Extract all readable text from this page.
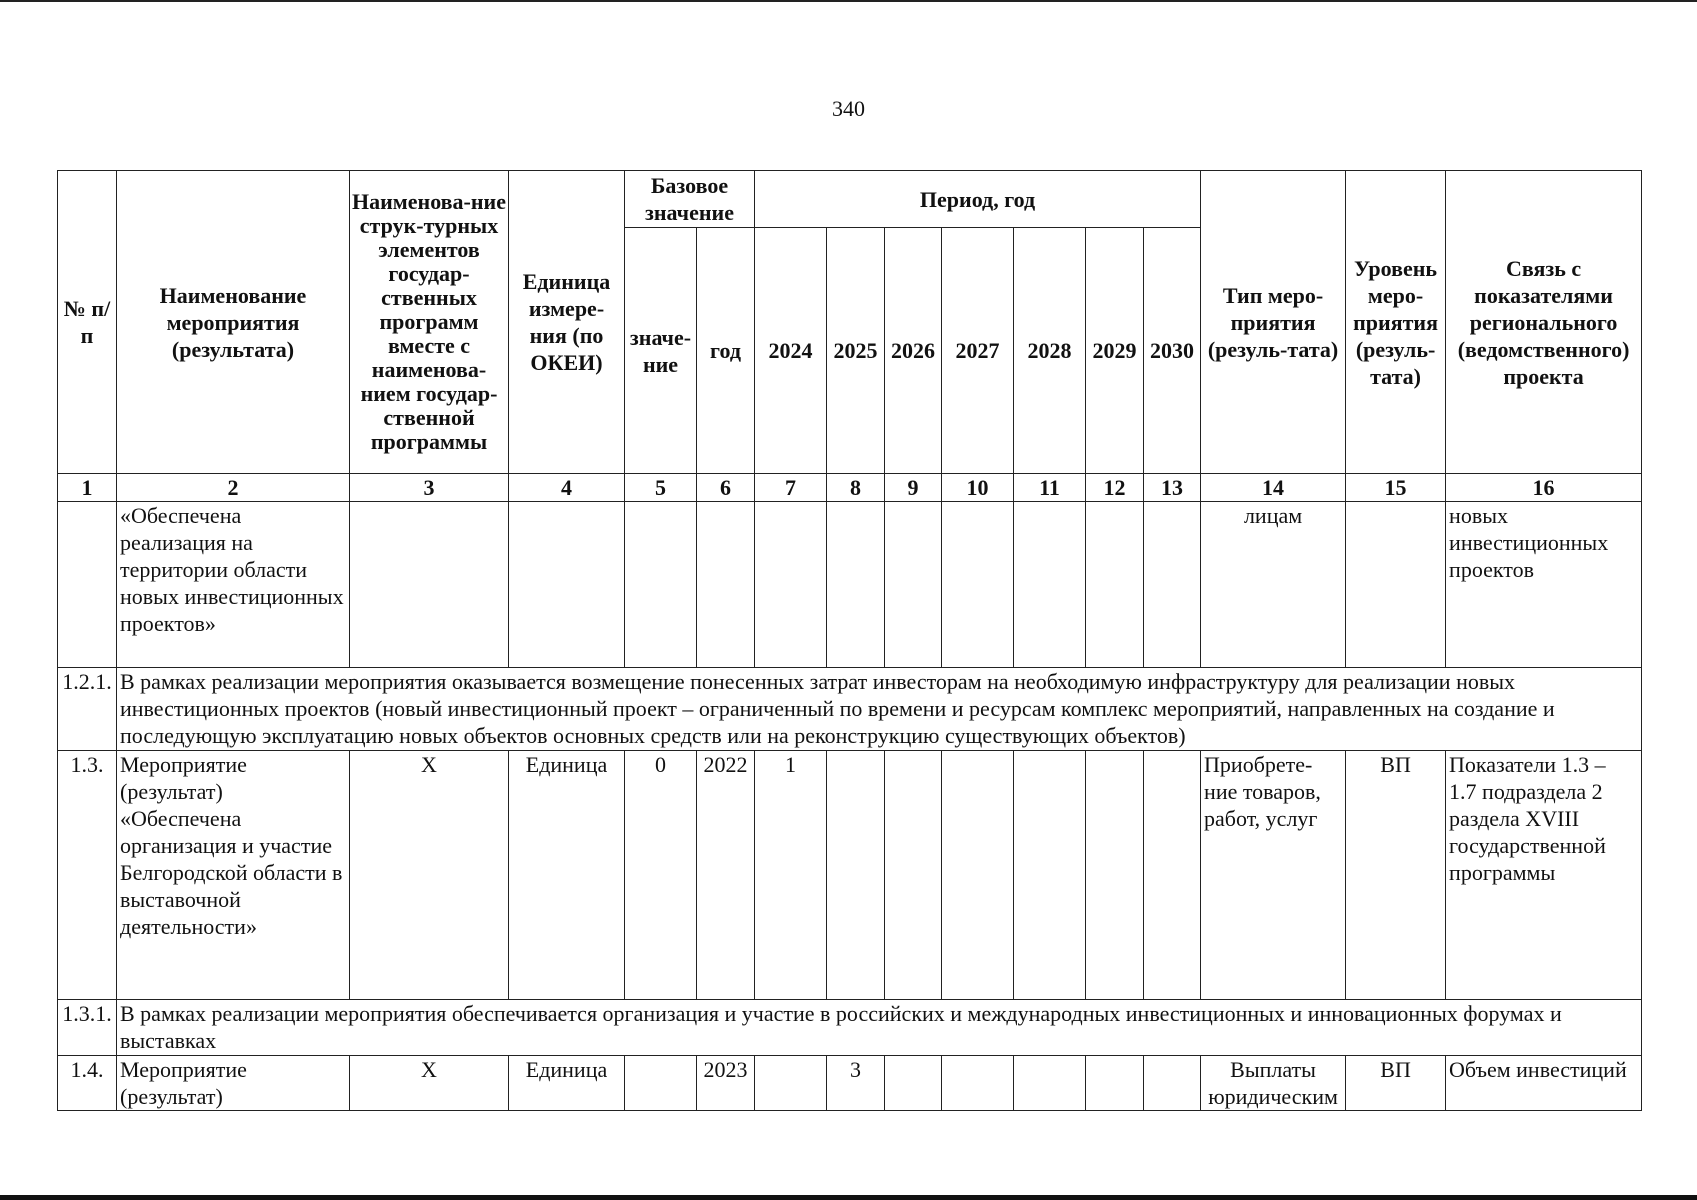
340
№ п/п	Наименование мероприятия (результата)	Наименова-ние струк-турных элементов государ-ственных программ вместе с наименова-нием государ-ственной программы	Единица измере-ния (по ОКЕИ)	Базовое значение		Период, год							Тип меро-приятия (резуль-тата)	Уровень меро-приятия (резуль-тата)	Связь с показателями регионального (ведомственного) проекта
				значе-ние	год	2024	2025	2026	2027	2028	2029	2030			
1	2	3	4	5	6	7	8	9	10	11	12	13	14	15	16
	«Обеспечена реализация на территории области новых инвестиционных проектов»												лицам		новых инвестиционных проектов
1.2.1.	В рамках реализации мероприятия оказывается возмещение понесенных затрат инвесторам на необходимую инфраструктуру для реализации новых инвестиционных проектов (новый инвестиционный проект – ограниченный по времени и ресурсам комплекс мероприятий, направленных на создание и последующую эксплуатацию новых объектов основных средств или на реконструкцию существующих объектов)														
1.3.	Мероприятие (результат) «Обеспечена организация и участие Белгородской области в выставочной деятельности»	Х	Единица	0	2022	1							Приобрете-ние товаров, работ, услуг	ВП	Показатели 1.3 – 1.7 подраздела 2 раздела XVIII государственной программы
1.3.1.	В рамках реализации мероприятия обеспечивается организация и участие в российских и международных инвестиционных и инновационных форумах и выставках														
1.4.	Мероприятие (результат)	Х	Единица		2023		3						Выплаты юридическим	ВП	Объем инвестиций
